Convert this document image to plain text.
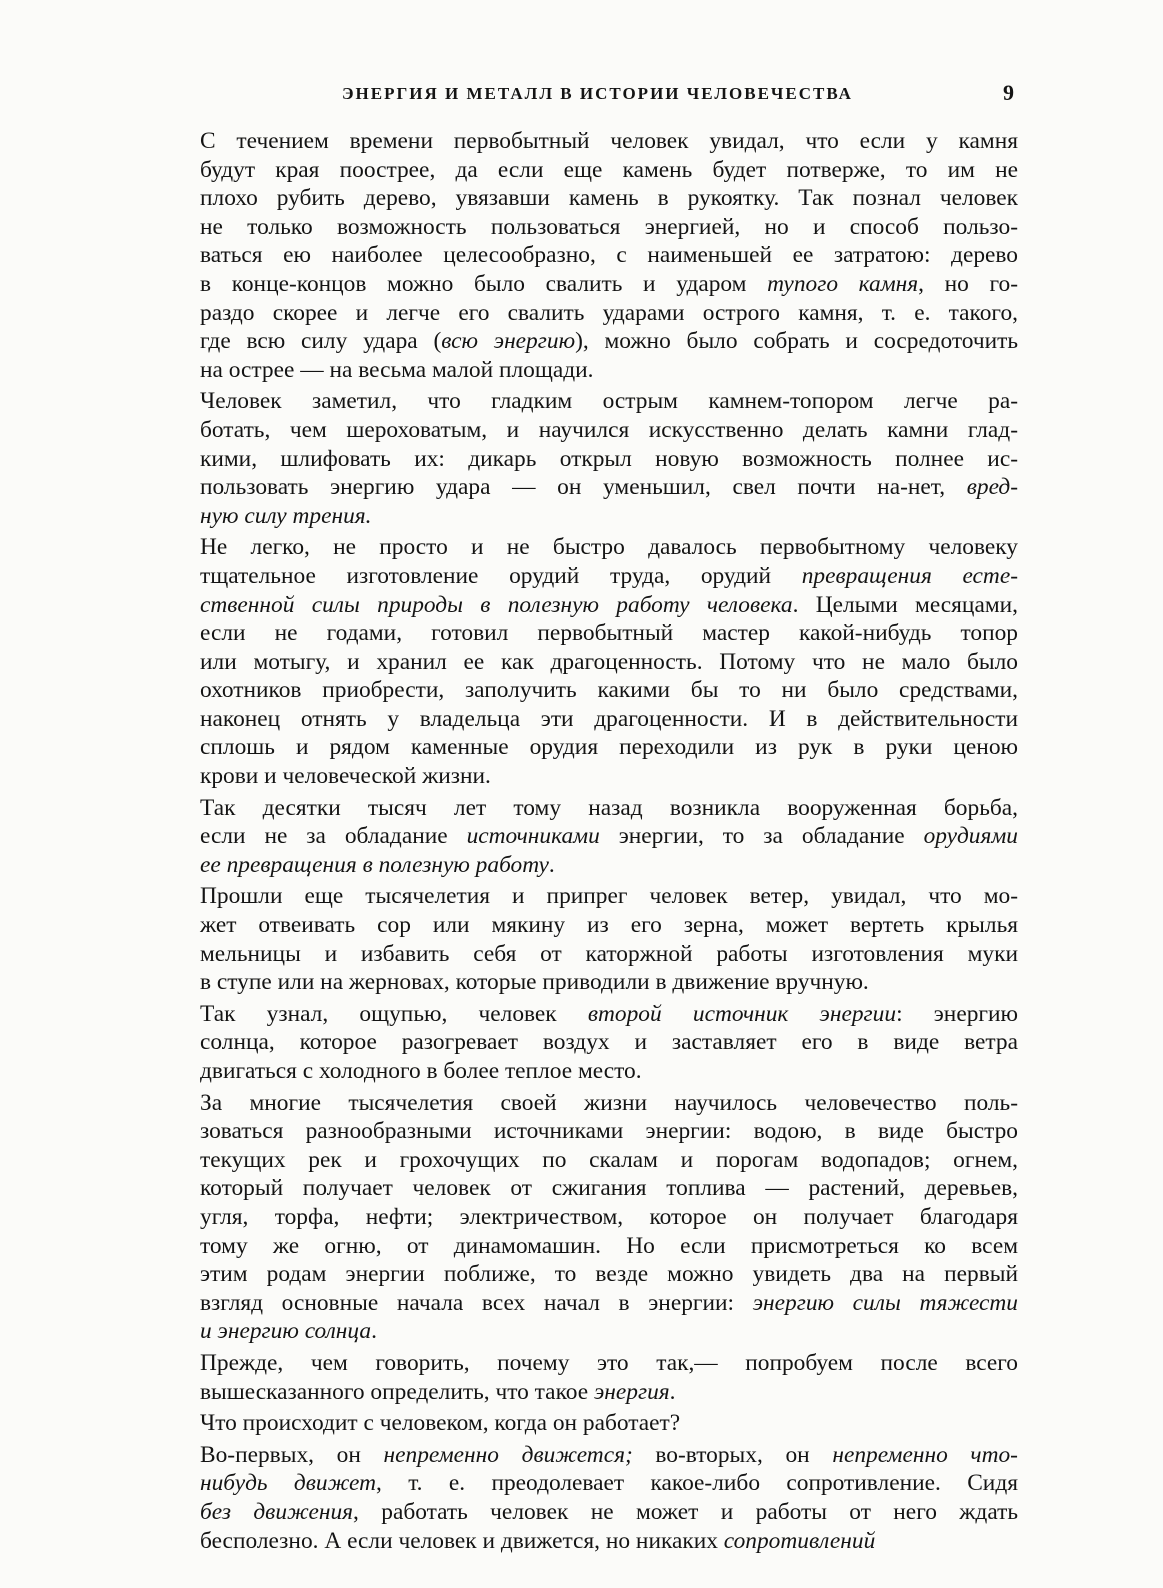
ЭНЕРГИЯ И МЕТАЛЛ В ИСТОРИИ ЧЕЛОВЕЧЕСТВА	9
С течением времени первобытный человек увидал, что если у камня
будут края поострее, да если еще камень будет потверже, то им не
плохо рубить дерево, увязавши камень в рукоятку. Так познал человек
не только возможность пользоваться энергией, но и способ пользо-
ваться ею наиболее целесообразно, с наименьшей ее затратою: дерево
в конце-концов можно было свалить и ударом тупого камня, но го-
раздо скорее и легче его свалить ударами острого камня, т. е. такого,
где всю силу удара (всю энергию), можно было собрать и сосредоточить
на острее — на весьма малой площади.
Человек заметил, что гладким острым камнем-топором легче ра-
ботать, чем шероховатым, и научился искусственно делать камни глад-
кими, шлифовать их: дикарь открыл новую возможность полнее ис-
пользовать энергию удара — он уменьшил, свел почти на-нет, вред-
ную силу трения.
Не легко, не просто и не быстро давалось первобытному человеку
тщательное изготовление орудий труда, орудий превращения есте-
ственной силы природы в полезную работу человека. Целыми месяцами,
если не годами, готовил первобытный мастер какой-нибудь топор
или мотыгу, и хранил ее как драгоценность. Потому что не мало было
охотников приобрести, заполучить какими бы то ни было средствами,
наконец отнять у владельца эти драгоценности. И в действительности
сплошь и рядом каменные орудия переходили из рук в руки ценою
крови и человеческой жизни.
Так десятки тысяч лет тому назад возникла вооруженная борьба,
если не за обладание источниками энергии, то за обладание орудиями
ее превращения в полезную работу.
Прошли еще тысячелетия и припрег человек ветер, увидал, что мо-
жет отвеивать сор или мякину из его зерна, может вертеть крылья
мельницы и избавить себя от каторжной работы изготовления муки
в ступе или на жерновах, которые приводили в движение вручную.
Так узнал, ощупью, человек второй источник энергии: энергию
солнца, которое разогревает воздух и заставляет его в виде ветра
двигаться с холодного в более теплое место.
За многие тысячелетия своей жизни научилось человечество поль-
зоваться разнообразными источниками энергии: водою, в виде быстро
текущих рек и грохочущих по скалам и порогам водопадов; огнем,
который получает человек от сжигания топлива — растений, деревьев,
угля, торфа, нефти; электричеством, которое он получает благодаря
тому же огню, от динамомашин. Но если присмотреться ко всем
этим родам энергии поближе, то везде можно увидеть два на первый
взгляд основные начала всех начал в энергии: энергию силы тяжести
и энергию солнца.
Прежде, чем говорить, почему это так,— попробуем после всего
вышесказанного определить, что такое энергия.
Что происходит с человеком, когда он работает?
Во-первых, он непременно движется; во-вторых, он непременно что-
нибудь движет, т. е. преодолевает какое-либо сопротивление. Сидя
без движения, работать человек не может и работы от него ждать
бесполезно. А если человек и движется, но никаких сопротивлений
